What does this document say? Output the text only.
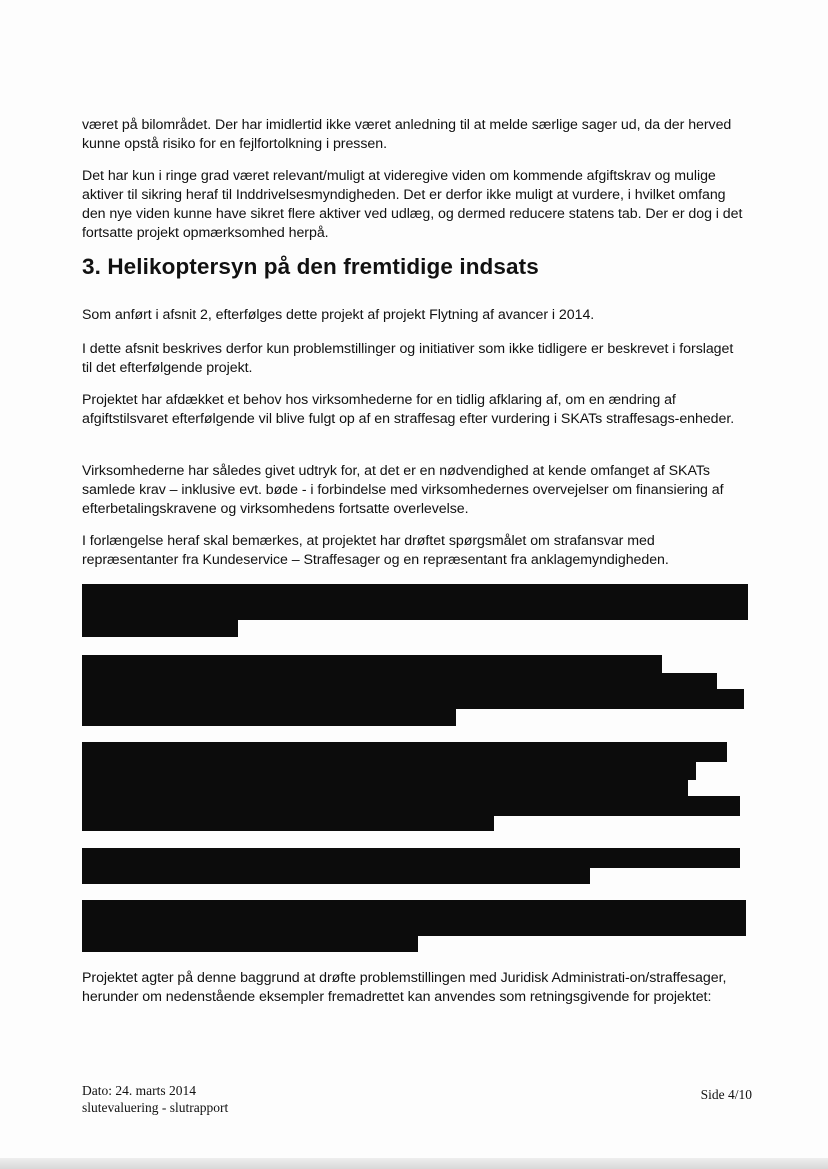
været på bilområdet. Der har imidlertid ikke været anledning til at melde særlige sager ud, da der herved kunne opstå risiko for en fejlfortolkning i pressen.

Det har kun i ringe grad været relevant/muligt at videregive viden om kommende afgiftskrav og mulige aktiver til sikring heraf til Inddrivelsesmyndigheden. Det er derfor ikke muligt at vurdere, i hvilket omfang den nye viden kunne have sikret flere aktiver ved udlæg, og dermed reducere statens tab. Der er dog i det fortsatte projekt opmærksomhed herpå.

3. Helikoptersyn på den fremtidige indsats

Som anført i afsnit 2, efterfølges dette projekt af projekt Flytning af avancer i 2014.

I dette afsnit beskrives derfor kun problemstillinger og initiativer som ikke tidligere er beskrevet i forslaget til det efterfølgende projekt.

Projektet har afdækket et behov hos virksomhederne for en tidlig afklaring af, om en ændring af afgiftstilsvaret efterfølgende vil blive fulgt op af en straffesag efter vurdering i SKATs straffesags-enheder.

Virksomhederne har således givet udtryk for, at det er en nødvendighed at kende omfanget af SKATs samlede krav – inklusive evt. bøde - i forbindelse med virksomhedernes overvejelser om finansiering af efterbetalingskravene og virksomhedens fortsatte overlevelse.

I forlængelse heraf skal bemærkes, at projektet har drøftet spørgsmålet om strafansvar med repræsentanter fra Kundeservice – Straffesager og en repræsentant fra anklagemyndigheden.

Projektet agter på denne baggrund at drøfte problemstillingen med Juridisk Administrati-on/straffesager, herunder om nedenstående eksempler fremadrettet kan anvendes som retningsgivende for projektet:

Dato: 24. marts 2014
slutevaluering - slutrapport
Side 4/10
